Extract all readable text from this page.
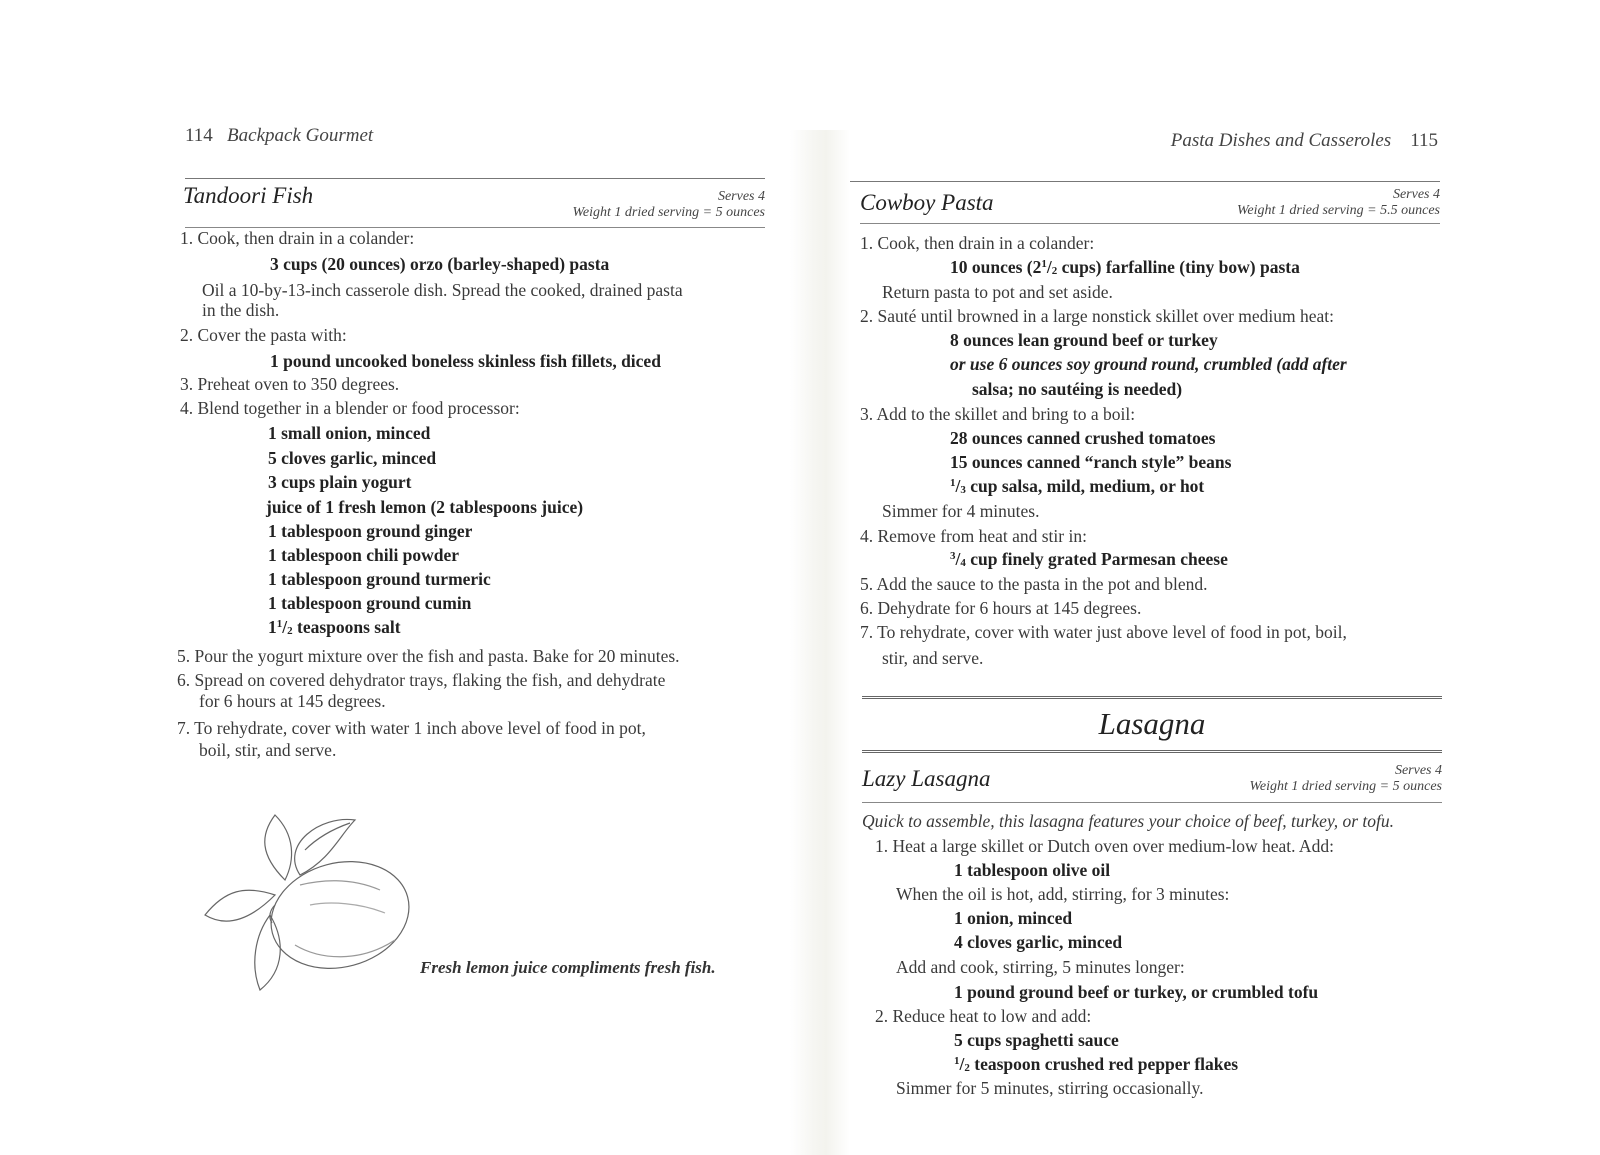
114 Backpack Gourmet
Tandoori Fish	Serves 4
Weight 1 dried serving = 5 ounces
1. Cook, then drain in a colander:
3 cups (20 ounces) orzo (barley-shaped) pasta
Oil a 10-by-13-inch casserole dish. Spread the cooked, drained pasta
in the dish.
2. Cover the pasta with:
1 pound uncooked boneless skinless fish fillets, diced
3. Preheat oven to 350 degrees.
4. Blend together in a blender or food processor:
1 small onion, minced
5 cloves garlic, minced
3 cups plain yogurt
juice of 1 fresh lemon (2 tablespoons juice)
1 tablespoon ground ginger
1 tablespoon chili powder
1 tablespoon ground turmeric
1 tablespoon ground cumin
$1^1/_2$ teaspoons salt
5. Pour the yogurt mixture over the fish and pasta. Bake for 20 minutes.
6. Spread on covered dehydrator trays, flaking the fish, and dehydrate
for 6 hours at 145 degrees.
7. To rehydrate, cover with water 1 inch above level of food in pot,
boil, stir, and serve.
Fresh lemon juice compliments fresh fish.
Pasta Dishes and Casseroles 115
Cowboy Pasta	Serves 4
Weight 1 dried serving = 5.5 ounces
1. Cook, then drain in a colander:
10 ounces ($2^1/_2$ cups) farfalline (tiny bow) pasta
Return pasta to pot and set aside.
2. Sauté until browned in a large nonstick skillet over medium heat:
8 ounces lean ground beef or turkey
or use 6 ounces soy ground round, crumbled (add after
salsa; no sautéing is needed)
3. Add to the skillet and bring to a boil:
28 ounces canned crushed tomatoes
15 ounces canned “ranch style” beans
$^1/_3$ cup salsa, mild, medium, or hot
Simmer for 4 minutes.
4. Remove from heat and stir in:
$^3/_4$ cup finely grated Parmesan cheese
5. Add the sauce to the pasta in the pot and blend.
6. Dehydrate for 6 hours at 145 degrees.
7. To rehydrate, cover with water just above level of food in pot, boil,
stir, and serve.
Lasagna
Lazy Lasagna	Serves 4
Weight 1 dried serving = 5 ounces
Quick to assemble, this lasagna features your choice of beef, turkey, or tofu.
1. Heat a large skillet or Dutch oven over medium-low heat. Add:
1 tablespoon olive oil
When the oil is hot, add, stirring, for 3 minutes:
1 onion, minced
4 cloves garlic, minced
Add and cook, stirring, 5 minutes longer:
1 pound ground beef or turkey, or crumbled tofu
2. Reduce heat to low and add:
5 cups spaghetti sauce
$^1/_2$ teaspoon crushed red pepper flakes
Simmer for 5 minutes, stirring occasionally.
